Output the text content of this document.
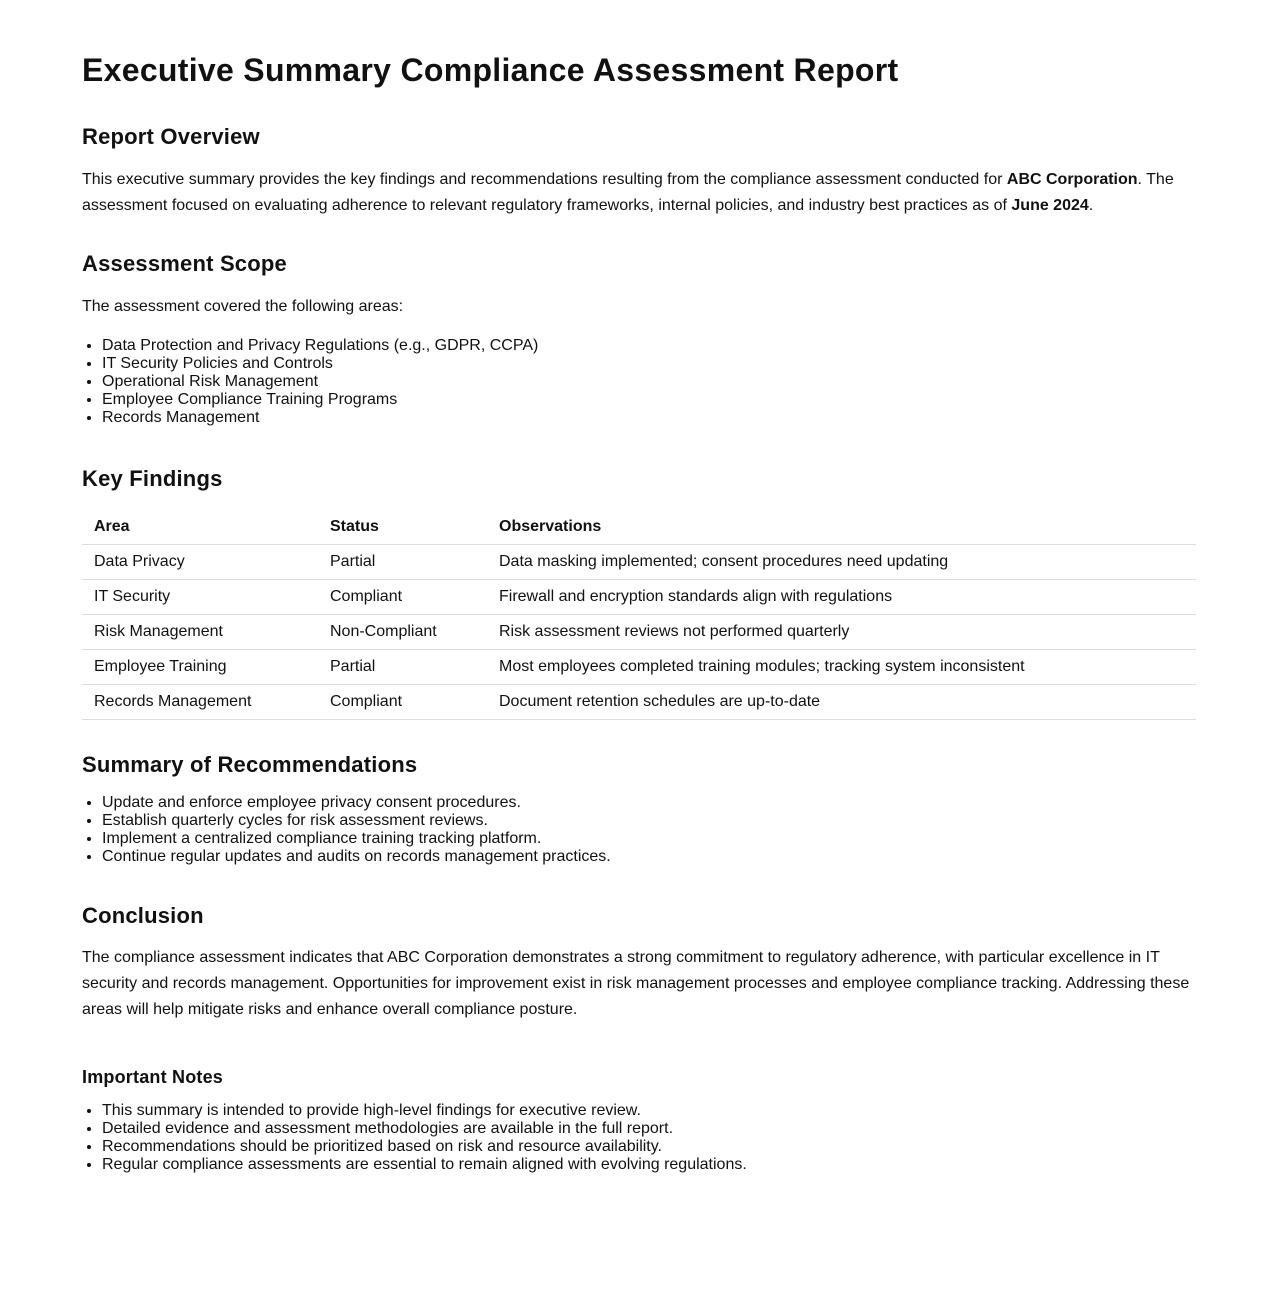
Executive Summary Compliance Assessment Report
Report Overview

This executive summary provides the key findings and recommendations resulting from the compliance assessment conducted for ABC Corporation. The assessment focused on evaluating adherence to relevant regulatory frameworks, internal policies, and industry best practices as of June 2024.

Assessment Scope

The assessment covered the following areas:

• Data Protection and Privacy Regulations (e.g., GDPR, CCPA)
• IT Security Policies and Controls
• Operational Risk Management
• Employee Compliance Training Programs
• Records Management
Key Findings
Area	Status	Observations
Data Privacy	Partial	Data masking implemented; consent procedures need updating
IT Security	Compliant	Firewall and encryption standards align with regulations
Risk Management	Non-Compliant	Risk assessment reviews not performed quarterly
Employee Training	Partial	Most employees completed training modules; tracking system inconsistent
Records Management	Compliant	Document retention schedules are up-to-date
Summary of Recommendations
• Update and enforce employee privacy consent procedures.
• Establish quarterly cycles for risk assessment reviews.
• Implement a centralized compliance training tracking platform.
• Continue regular updates and audits on records management practices.
Conclusion

The compliance assessment indicates that ABC Corporation demonstrates a strong commitment to regulatory adherence, with particular excellence in IT security and records management. Opportunities for improvement exist in risk management processes and employee compliance tracking. Addressing these areas will help mitigate risks and enhance overall compliance posture.

Important Notes
• This summary is intended to provide high-level findings for executive review.
• Detailed evidence and assessment methodologies are available in the full report.
• Recommendations should be prioritized based on risk and resource availability.
• Regular compliance assessments are essential to remain aligned with evolving regulations.
